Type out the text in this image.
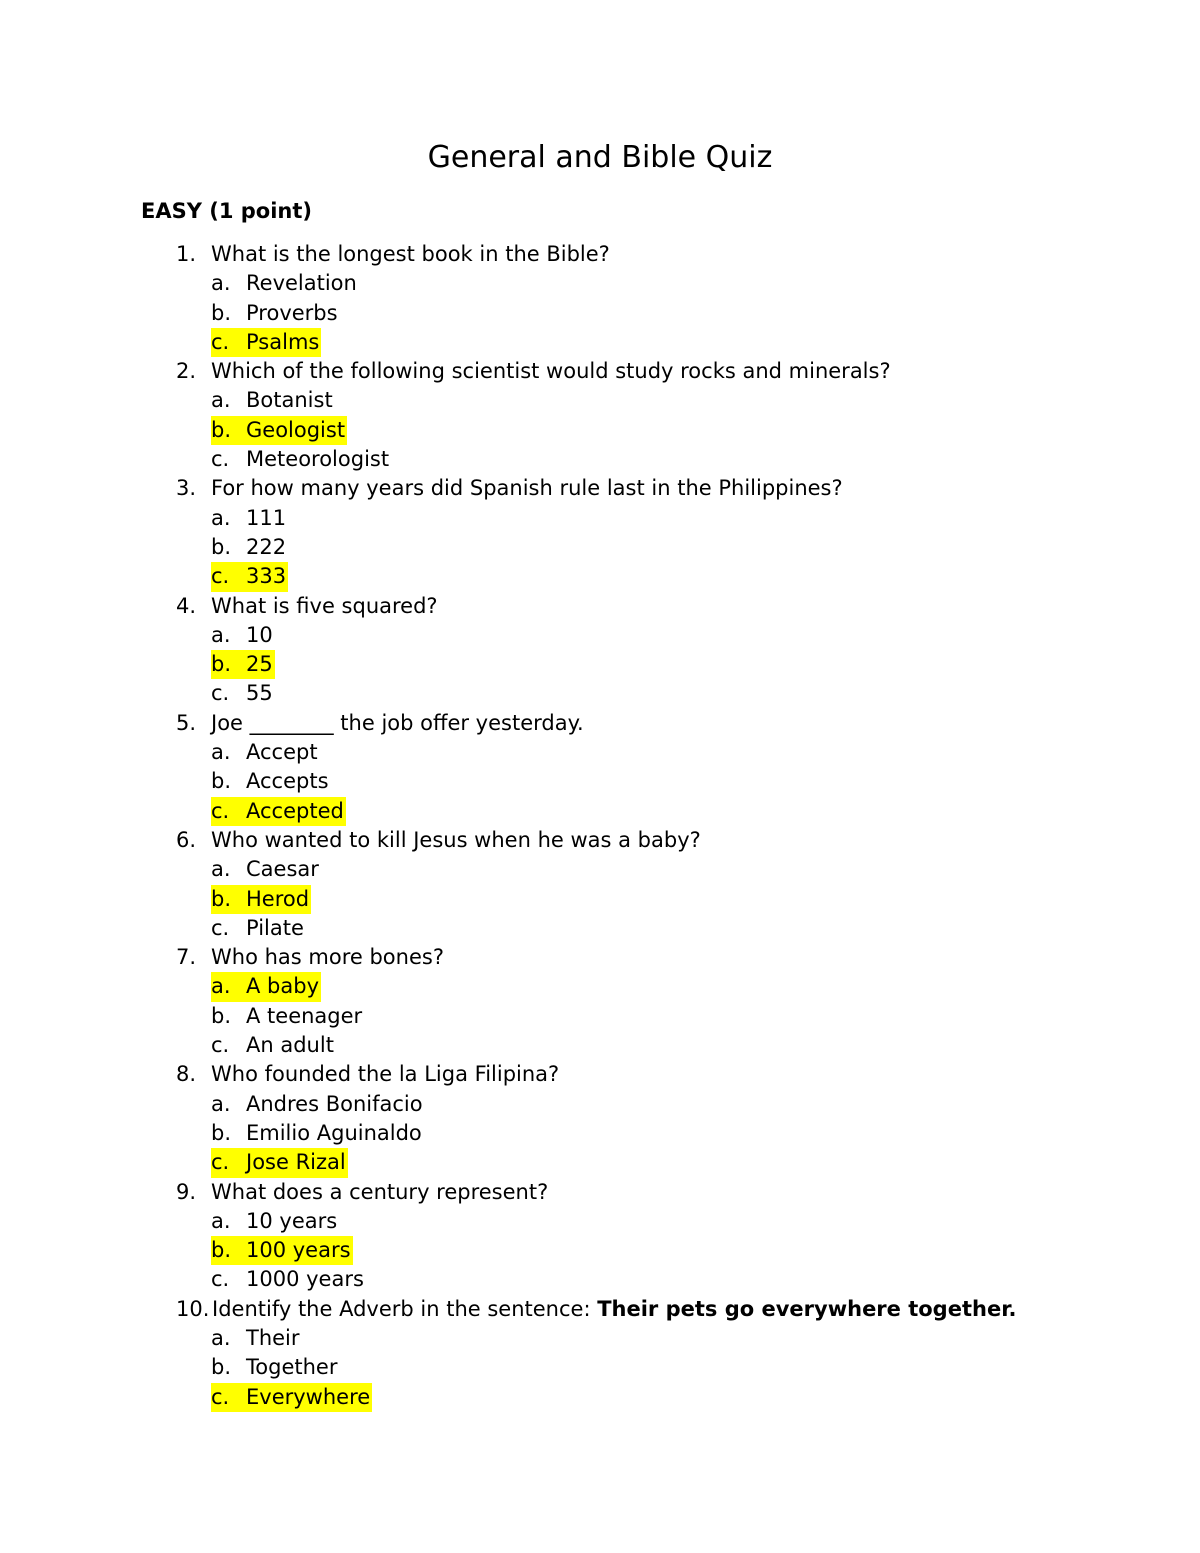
General and Bible Quiz
EASY (1 point)
1. What is the longest book in the Bible?
a. Revelation
b. Proverbs
c. Psalms
2. Which of the following scientist would study rocks and minerals?
a. Botanist
b. Geologist
c. Meteorologist
3. For how many years did Spanish rule last in the Philippines?
a. 111
b. 222
c. 333
4. What is five squared?
a. 10
b. 25
c. 55
5. Joe ________ the job offer yesterday.
a. Accept
b. Accepts
c. Accepted
6. Who wanted to kill Jesus when he was a baby?
a. Caesar
b. Herod
c. Pilate
7. Who has more bones?
a. A baby
b. A teenager
c. An adult
8. Who founded the la Liga Filipina?
a. Andres Bonifacio
b. Emilio Aguinaldo
c. Jose Rizal
9. What does a century represent?
a. 10 years
b. 100 years
c. 1000 years
10. Identify the Adverb in the sentence: Their pets go everywhere together.
a. Their
b. Together
c. Everywhere
